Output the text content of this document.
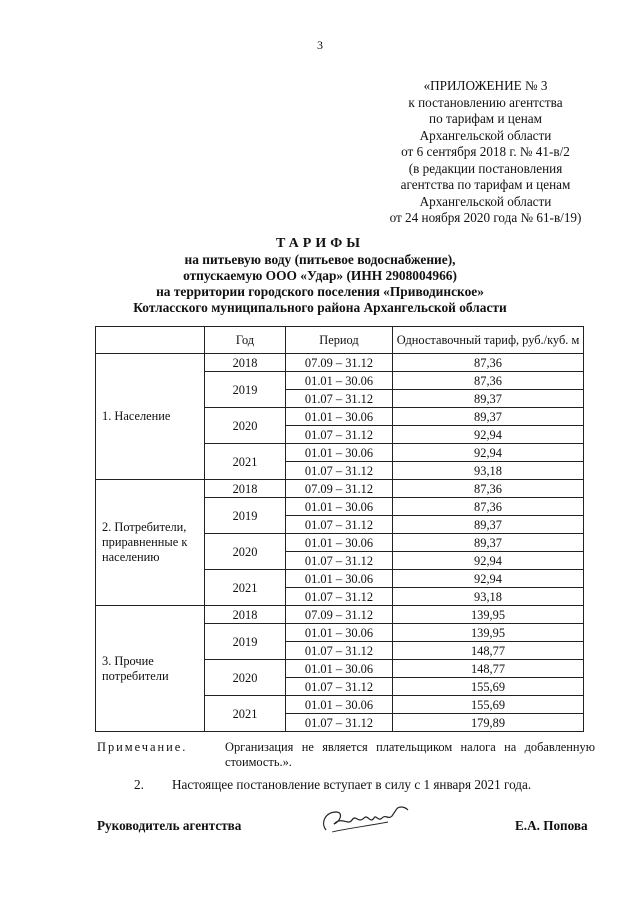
3
«ПРИЛОЖЕНИЕ № 3
к постановлению агентства
по тарифам и ценам
Архангельской области
от 6 сентября 2018 г. № 41-в/2
(в редакции постановления
агентства по тарифам и ценам
Архангельской области
от 24 ноября 2020 года № 61-в/19)
ТАРИФЫ
на питьевую воду (питьевое водоснабжение),
отпускаемую ООО «Удар» (ИНН 2908004966)
на территории городского поселения «Приводинское»
Котласского муниципального района Архангельской области
	Год	Период	Одноставочный тариф, руб./куб. м
1. Население	2018	07.09 – 31.12	87,36
	2019	01.01 – 30.06	87,36
		01.07 – 31.12	89,37
	2020	01.01 – 30.06	89,37
		01.07 – 31.12	92,94
	2021	01.01 – 30.06	92,94
		01.07 – 31.12	93,18
2. Потребители, приравненные к населению	2018	07.09 – 31.12	87,36
	2019	01.01 – 30.06	87,36
		01.07 – 31.12	89,37
	2020	01.01 – 30.06	89,37
		01.07 – 31.12	92,94
	2021	01.01 – 30.06	92,94
		01.07 – 31.12	93,18
3. Прочие потребители	2018	07.09 – 31.12	139,95
	2019	01.01 – 30.06	139,95
		01.07 – 31.12	148,77
	2020	01.01 – 30.06	148,77
		01.07 – 31.12	155,69
	2021	01.01 – 30.06	155,69
		01.07 – 31.12	179,89
Примечание.	Организация не является плательщиком налога на добавленную стоимость.».
2. Настоящее постановление вступает в силу с 1 января 2021 года.
Руководитель агентства	Е.А. Попова
